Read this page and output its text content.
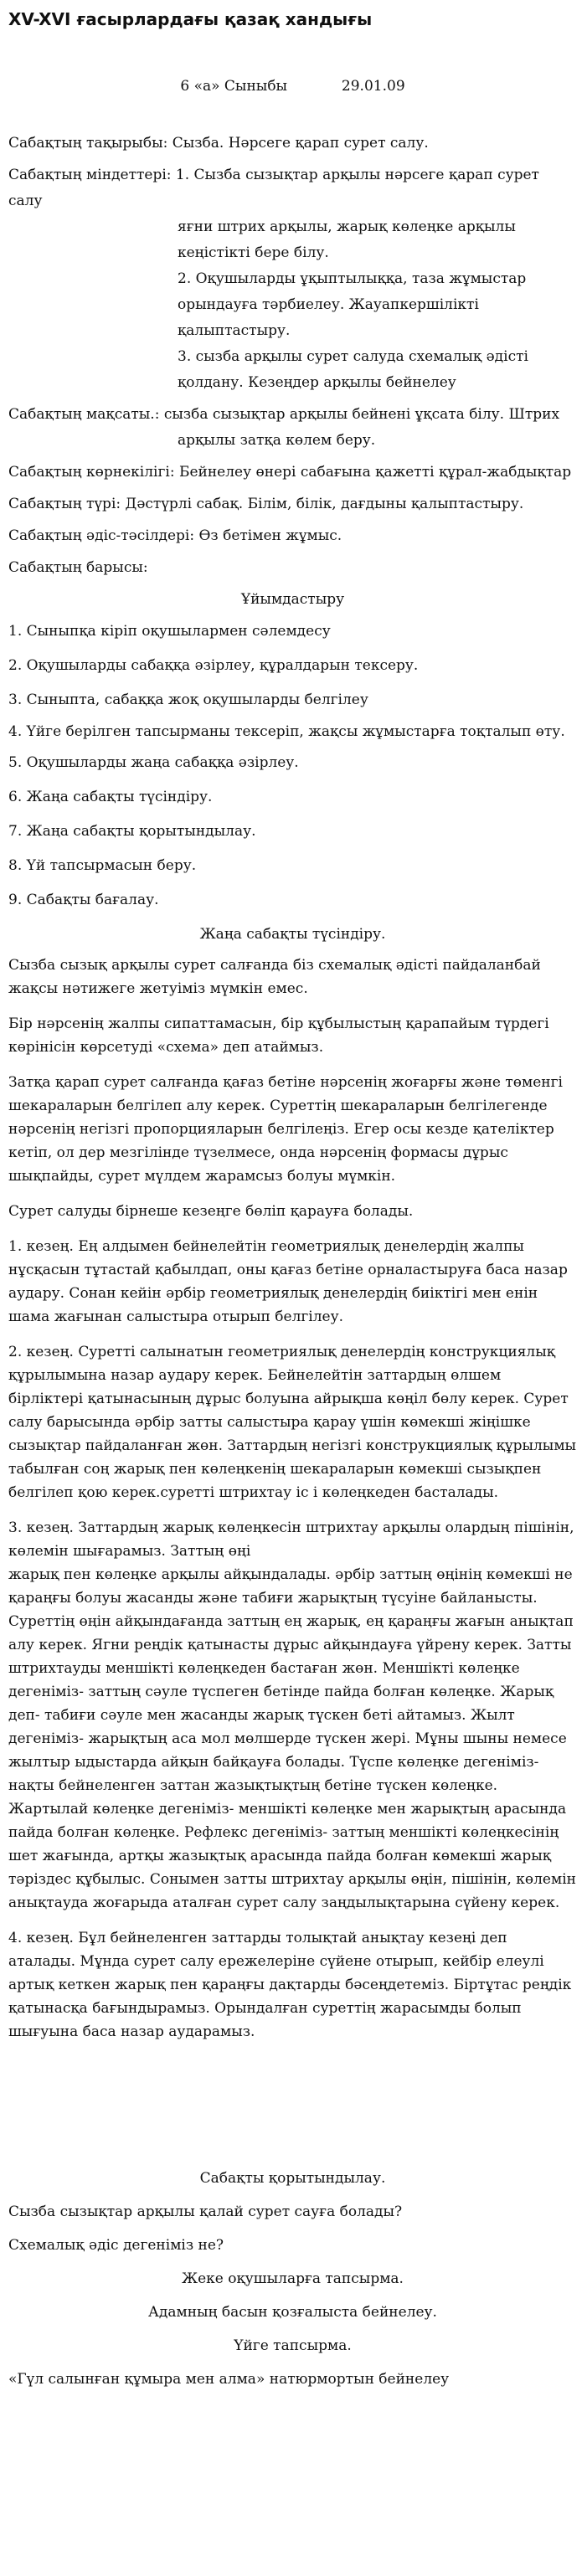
XV-XVI ғасырлардағы қазақ хандығы
6 «а» Сыныбы            29.01.09

Сабақтың тақырыбы: Сызба. Нәрсеге қарап сурет салу.

Сабақтың міндеттері: 1. Сызба сызықтар арқылы нәрсеге қарап сурет салу

яғни штрих арқылы, жарық көлеңке арқылы

кеңістікті бере білу.

2. Оқушыларды ұқыптылыққа, таза жұмыстар

орындауға тәрбиелеу. Жауапкершілікті

қалыптастыру.

3. сызба арқылы сурет салуда схемалық әдісті

қолдану. Кезеңдер арқылы бейнелеу

Сабақтың мақсаты.: сызба сызықтар арқылы бейнені ұқсата білу. Штрих

арқылы затқа көлем беру.

Сабақтың көрнекілігі: Бейнелеу өнері сабағына қажетті құрал-жабдықтар

Сабақтың түрі: Дәстүрлі сабақ. Білім, білік, дағдыны қалыптастыру.

Сабақтың әдіс-тәсілдері: Өз бетімен жұмыс.

Сабақтың барысы:

Ұйымдастыру

1. Сыныпқа кіріп оқушылармен сәлемдесу

2. Оқушыларды сабаққа әзірлеу, құралдарын тексеру.

3. Сыныпта, сабаққа жоқ оқушыларды белгілеу

4. Үйге берілген тапсырманы тексеріп, жақсы жұмыстарға тоқталып өту.

5. Оқушыларды жаңа сабаққа әзірлеу.

6. Жаңа сабақты түсіндіру.

7. Жаңа сабақты қорытындылау.

8. Үй тапсырмасын беру.

9. Сабақты бағалау.

Жаңа сабақты түсіндіру.

Сызба сызық арқылы сурет салғанда біз схемалық әдісті пайдаланбай жақсы нәтижеге жетуіміз мүмкін емес.

Бір нәрсенің жалпы сипаттамасын, бір құбылыстың қарапайым түрдегі көрінісін көрсетуді «схема» деп атаймыз.

Затқа қарап сурет салғанда қағаз бетіне нәрсенің жоғарғы және төменгі шекараларын белгілеп алу керек. Суреттің шекараларын белгілегенде нәрсенің негізгі пропорцияларын белгілеңіз. Егер осы кезде қателіктер кетіп, ол дер мезгілінде түзелмесе, онда нәрсенің формасы дұрыс шықпайды, сурет мүлдем жарамсыз болуы мүмкін.

Сурет салуды бірнеше кезеңге бөліп қарауға болады.

1. кезең. Ең алдымен бейнелейтін геометриялық денелердің жалпы нұсқасын тұтастай қабылдап, оны қағаз бетіне орналастыруға баса назар аудару. Сонан кейін әрбір геометриялық денелердің биіктігі мен енін шама жағынан салыстыра отырып белгілеу.

2. кезең. Суретті салынатын геометриялық денелердің конструкциялық құрылымына назар аудару керек. Бейнелейтін заттардың өлшем бірліктері қатынасының дұрыс болуына айрықша көңіл бөлу керек. Сурет салу барысында әрбір затты салыстыра қарау үшін көмекші жіңішке сызықтар пайдаланған жөн. Заттардың негізгі конструкциялық құрылымы табылған соң жарық пен көлеңкенің шекараларын көмекші сызықпен белгілеп қою керек.суретті штрихтау іс і көлеңкеден басталады.

3. кезең. Заттардың жарық көлеңкесін штрихтау арқылы олардың пішінін, көлемін шығарамыз. Заттың өңі
жарық пен көлеңке арқылы айқындалады. әрбір заттың өңінің көмекші не қараңғы болуы жасанды және табиғи жарықтың түсуіне байланысты. Суреттің өңін айқындағанда заттың ең жарық, ең қараңғы жағын анықтап алу керек. Ягни реңдік қатынасты дұрыс айқындауға үйрену керек. Затты штрихтауды меншікті көлеңкеден бастаған жөн. Меншікті көлеңке дегеніміз- заттың сәуле түспеген бетінде пайда болған көлеңке. Жарық деп- табиғи сәуле мен жасанды жарық түскен беті айтамыз. Жылт дегеніміз- жарықтың аса мол мөлшерде түскен жері. Мұны шыны немесе жылтыр ыдыстарда айқын байқауға болады. Түспе көлеңке дегеніміз- нақты бейнеленген заттан жазықтықтың бетіне түскен көлеңке. Жартылай көлеңке дегеніміз- меншікті көлеңке мен жарықтың арасында пайда болған көлеңке. Рефлекс дегеніміз- заттың меншікті көлеңкесінің шет жағында, артқы жазықтық арасында пайда болған көмекші жарық тәріздес құбылыс. Сонымен затты штрихтау арқылы өңін, пішінін, көлемін анықтауда жоғарыда аталған сурет салу заңдылықтарына сүйену керек.

4. кезең. Бұл бейнеленген заттарды толықтай анықтау кезеңі деп аталады. Мұнда сурет салу ережелеріне сүйене отырып, кейбір елеулі артық кеткен жарық пен қараңғы дақтарды бәсеңдетеміз. Біртұтас реңдік қатынасқа бағындырамыз. Орындалған суреттің жарасымды болып шығуына баса назар аударамыз.

Сабақты қорытындылау.

Сызба сызықтар арқылы қалай сурет сауға болады?

Схемалық әдіс дегеніміз не?

Жеке оқушыларға тапсырма.

Адамның басын қозғалыста бейнелеу.

Үйге тапсырма.

«Гүл салынған құмыра мен алма» натюрмортын бейнелеу
